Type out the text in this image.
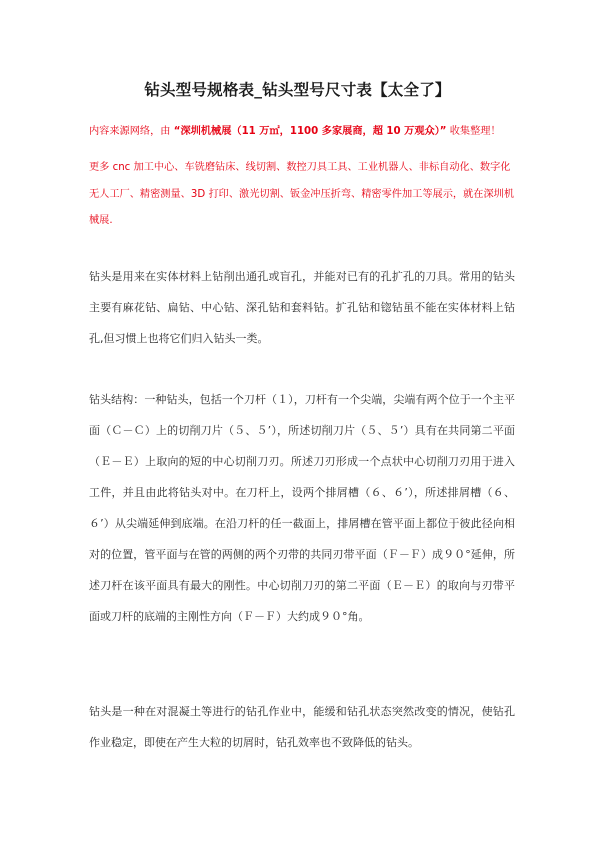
钻头型号规格表_钻头型号尺寸表【太全了】

内容来源网络，由 “深圳机械展（11 万㎡，1100 多家展商，超 10 万观众）” 收集整理！

更多 cnc 加工中心、车铣磨钻床、线切割、数控刀具工具、工业机器人、非标自动化、数字化无人工厂、精密测量、3D 打印、激光切割、钣金冲压折弯、精密零件加工等展示，就在深圳机械展.

钻头是用来在实体材料上钻削出通孔或盲孔，并能对已有的孔扩孔的刀具。常用的钻头主要有麻花钻、扁钻、中心钻、深孔钻和套料钻。扩孔钻和锪钻虽不能在实体材料上钻孔,但习惯上也将它们归入钻头一类。

钻头结构：一种钻头，包括一个刀杆（１），刀杆有一个尖端，尖端有两个位于一个主平面（Ｃ－Ｃ）上的切削刀片（５、５’），所述切削刀片（５、５’）具有在共同第二平面（Ｅ－Ｅ）上取向的短的中心切削刀刃。所述刀刃形成一个点状中心切削刀刃用于进入工件，并且由此将钻头对中。在刀杆上，设两个排屑槽（６、６’），所述排屑槽（６、６’）从尖端延伸到底端。在沿刀杆的任一截面上，排屑槽在管平面上都位于彼此径向相对的位置，管平面与在管的两侧的两个刃带的共同刃带平面（Ｆ－Ｆ）成９０°延伸，所述刀杆在该平面具有最大的刚性。中心切削刀刃的第二平面（Ｅ－Ｅ）的取向与刃带平面或刀杆的底端的主刚性方向（Ｆ－Ｆ）大约成９０°角。

钻头是一种在对混凝土等进行的钻孔作业中，能缓和钻孔状态突然改变的情况，使钻孔作业稳定，即使在产生大粒的切屑时，钻孔效率也不致降低的钻头。
